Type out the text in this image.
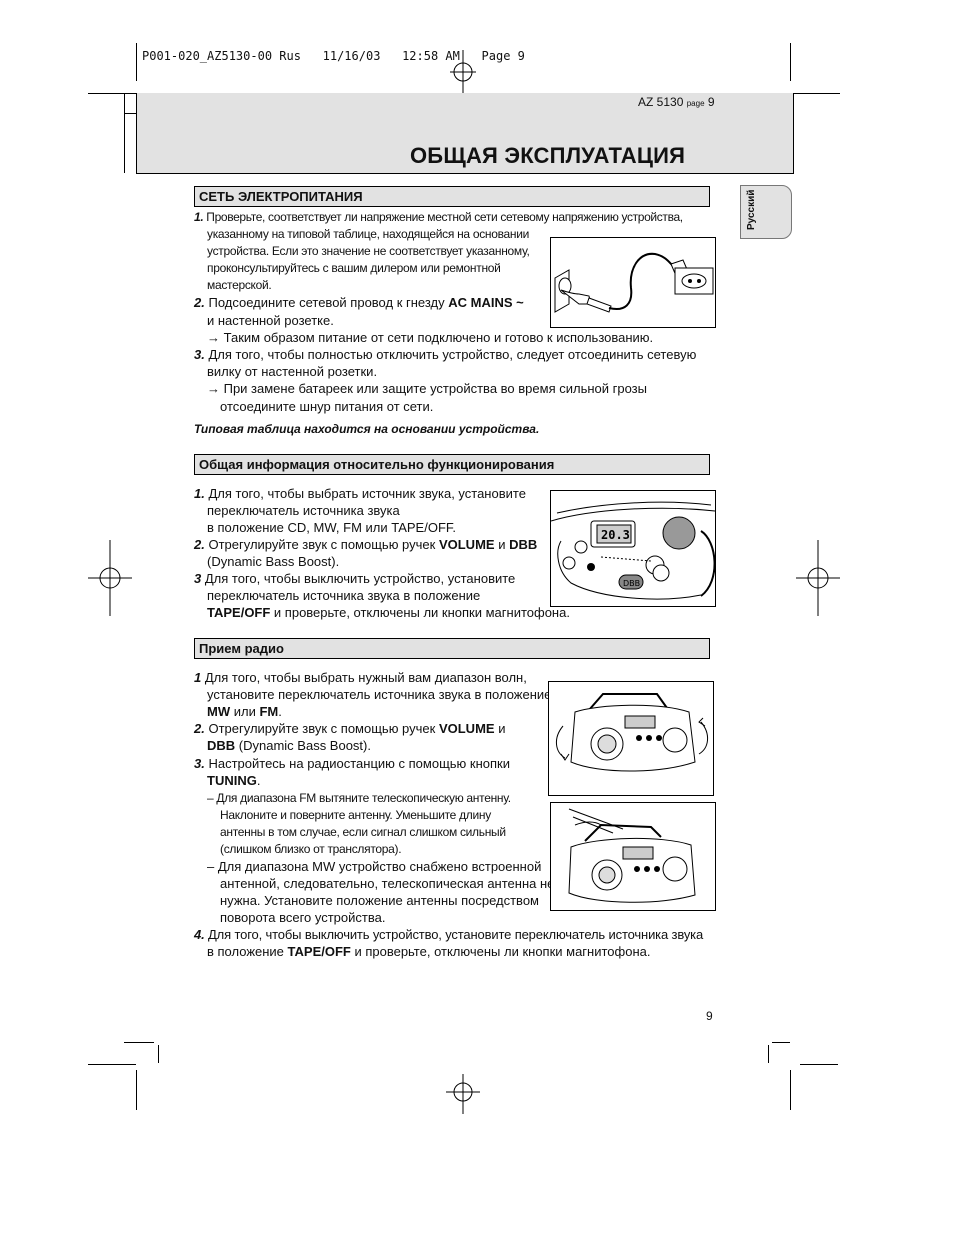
P001-020_AZ5130-00 Rus   11/16/03   12:58 AM   Page 9
AZ 5130 page 9
ОБЩАЯ ЭКСПЛУАТАЦИЯ
Русский
СЕТЬ ЭЛЕКТРОПИТАНИЯ
1. Проверьте, соответствует ли напряжение местной сети сетевому напряжению устройства,
указанному на типовой таблице, находящейся на основании
устройства. Если это значение не соответствует указанному,
проконсультируйтесь с вашим дилером или ремонтной
мастерской.
2. Подсоедините сетевой провод к гнезду AC MAINS ~
и настенной розетке.
→ Таким образом питание от сети подключено и готово к использованию.
3. Для того, чтобы полностью отключить устройство, следует отсоединить сетевую
вилку от настенной розетки.
→ При замене батареек или защите устройства во время сильной грозы
отсоедините шнур питания от сети.
Типовая таблица находится на основании устройства.
Общая информация относительно функционирования
1. Для того, чтобы выбрать источник звука, установите
переключатель источника звука
в положение CD, MW, FM или TAPE/OFF.
2. Отрегулируйте звук с помощью ручек VOLUME и DBB
(Dynamic Bass Boost).
3 Для того, чтобы выключить устройство, установите
переключатель источника звука в положение
TAPE/OFF и проверьте, отключены ли кнопки магнитофона.
20.3
DBB
Прием радио
1 Для того, чтобы выбрать нужный вам диапазон волн,
установите переключатель источника звука в положение
MW или FM.
2. Отрегулируйте звук с помощью ручек VOLUME и
DBB (Dynamic Bass Boost).
3. Настройтесь на радиостанцию с помощью кнопки
TUNING.
– Для диапазона FM вытяните телескопическую антенну.
Наклоните и поверните антенну. Уменьшите длину
антенны в том случае, если сигнал слишком сильный
(слишком близко от трансляторa).
– Для диапазона MW устройство снабжено встроенной
антенной, следовательно, телескопическая антенна не
нужна. Установите положение антенны посредством
поворота всего устройства.
4. Для того, чтобы выключить устройство, установите переключатель источника звука
в положение TAPE/OFF и проверьте, отключены ли кнопки магнитофона.
9
